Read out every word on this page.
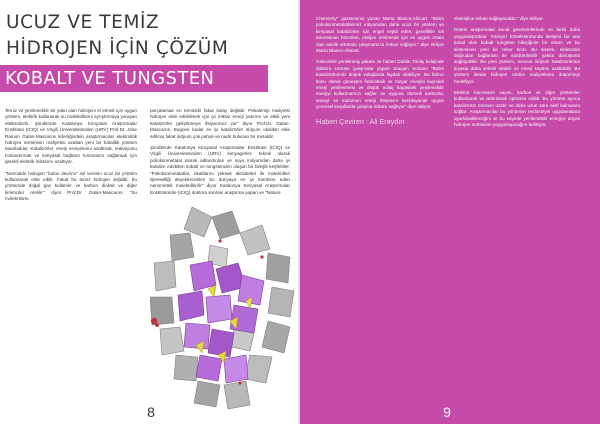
UCUZ VE TEMİZ
HİDROJEN İÇİN ÇÖZÜM
KOBALT VE TUNGSTEN

Temiz ve yenilenebilir bir yakıt olan hidrojeni el etmek için uygun yöntem, elektrik kullanarak su moleküllerini ayrıştırmaya yarayan elektrolizdir. Şimdilerde Katalonya Kimyasal Araştırmalar Enstitüsü (ICIQ) ve Virgili Üniversitesinden (URV) Prof.Dr. Jose Ramon Galan-Mascaros liderliğindeki araştırmacılar elektrolitik hidrojen üretiminin maliyetini azaltan yeni bir katalitik yöntem tasarladılar. Katalizörler, enerji seviyelerini azaltmak, reaksiyonu hızlandırmak ve kimyasal bağların kırılmasını sağlamak için gerekli elektrik miktarını azaltıyor.

"Normalde hidrojen ''bulan devrimi'' ısıl verimin ucuz bir yöntem kullanılarak elde edilir. Fakat bu temiz hidrojen değildir, bu yöntemde doğal gaz kullanılır ve karbon dioksit ve diğer kirleticiler üretilir." diyor Prof.Dr. Galan-Mascaros. "Su molekülünü

parçalamak en temizidir fakat kolay değildir. Pekalentşi maliyetsi hidrojen elde edebilmek için iyi miktar enerji yatırımı ve etkili yeni katalizörler geliştirmeye ihtiyacımız var" diyor Prof.Dr. Galan-Mascaros. Bugüne kadar en iyi katalizörler iridyum okalitim elde edilmiş fakat iridyum çok pahalı ve nadir bulunan bir metaldir.

Şimdilerde Katalonya Kimyasal Araştırmalar Enstitüsü (ICIQ) ve Virgili Üniversitesinden (URV) kimyagerler, teknik olarak polioksometalat olarak adlandırılan ve suyu iridyumdan daha iyi katalize edebilen kobalt ve tungstenden oluşan bir bileşik keşfettiler. "Polioksometalatlar, okaltlarını yüksek aktiviteleri ile molekülleri işlevselliği deyebilecekleri bu dünyaya en iyi kombine eden nanometrik moleküllerdir" diyor Katalonya Kimyasal Araştırmalar Enstitüsünde (ICIQ) doktora sonrası araştırma yapan ve "Nature

8

Chemistry" gazetesinin yazarı Marta Blasco-Ahicart. "Bizim polioksometalatlarımız iridyumdan daha ucuz bir yöntem ve kimyasal katalizörler için engel teşkil eden, genellikle sık tanımlanan hücreleri, oksijen üretimede için en uygun ortam olan asidik ortamda çalışmamıza imkan sağlıyor." diye ekliyor Marta Blasco-Ahicart.

Gelecekte yenilenmiş yakıtın ve haberi Dublin Trinity kolejinde doktora sonrası çalışmalar yapan Joaquin Soriano "Bizim katalizörlerimiz düşük voltajlarda faydalı olabiliyor. Bu birinci konu olarak güneşten fotovoltaik ve rüzgar enerjisi kaynaklı enerji yenilenmesi ve düşük voltaj kapasiteli yenilenebilir enerjiyi kullanmamızı sağlar ve uyguna düzenli karbonla, sanayi ve toplumun enerji ihtiyacını karşılayacak uygun çevresel koşullarda çalışma imkanı sağlıyor" diye ekliyor.

Haberi Çeviren : Ali Eraydın

elverişlice imkan sağlayacaktır." diye ekliyor.

Deteis araştırmalar kendi geometrilerinde ve farklı daha yaygınlaştırdılar. Yüzeyin fotoelektrotunda iletişimi bir ana kanal olan kobalt tungsten bileşiğinin bir ortam ve bu sistemlerin yeni bir rekor kırdı. Bu sistem, elektrotun doğrudan bağlantısı ile sürdürülebilir yakıta dönüşümü sağlayabilir. Bu yeni yöntem, mevcut iridyum katalizörlerine kıyasla daha verimli olabilir ve enerji kaybını azaltabilir. Bu yöntem ileride hidrojen üretim maliyetlerini düşürmeyi hedefliyor.

Elektrot hücresinin sayısı, karbon ve diğer yöntemler kullanılarak ve arttırılarak optimize edildi. Bu yöntem ayrıca katalizörün ömrünü uzatır ve daha uzun süre aktif kalmasını sağlar. Araştırmacılar bu yöntemin endüstriyel uygulamalara uyarlanabileceğini ve bu sayede yenilenebilir enerjiye dayalı hidrojen üretiminin yaygınlaşacağını belirtiyor.

9
